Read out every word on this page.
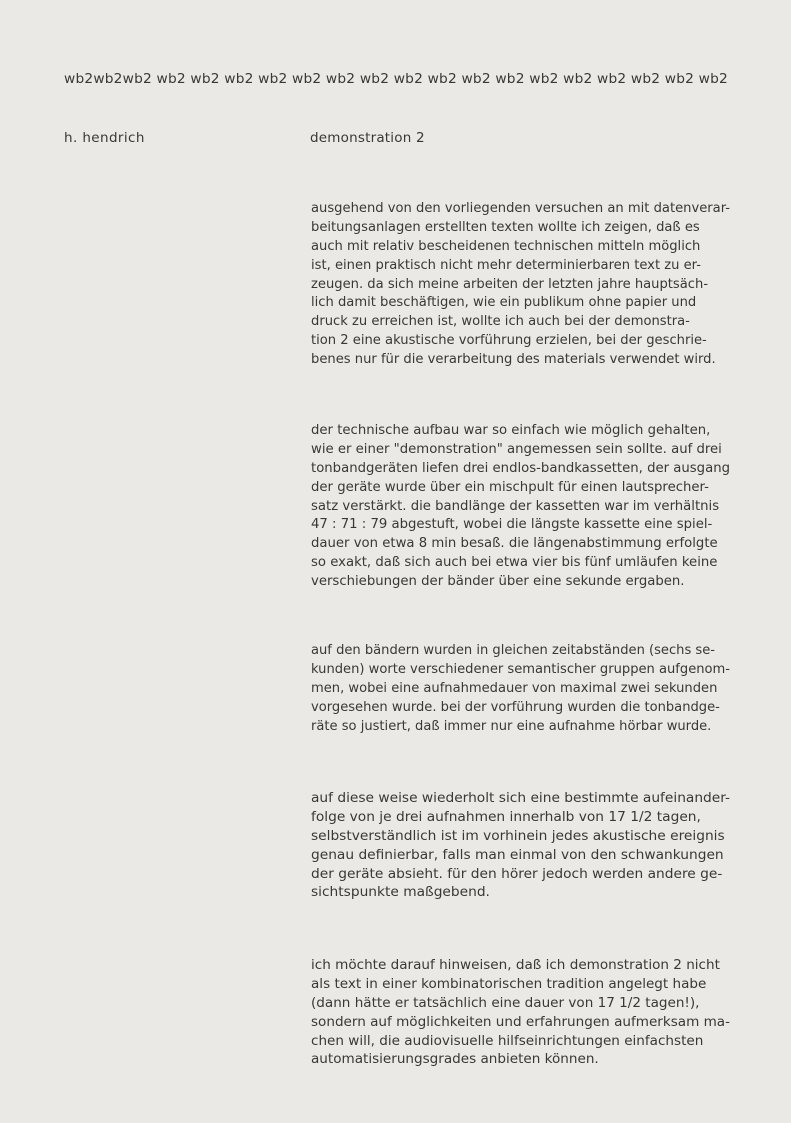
wb2wb2wb2 wb2 wb2 wb2 wb2 wb2 wb2 wb2 wb2 wb2 wb2 wb2 wb2 wb2 wb2 wb2 wb2 wb2
h. hendrich	demonstration 2
ausgehend von den vorliegenden versuchen an mit datenverar-
beitungsanlagen erstellten texten wollte ich zeigen, daß es
auch mit relativ bescheidenen technischen mitteln möglich
ist, einen praktisch nicht mehr determinierbaren text zu er-
zeugen. da sich meine arbeiten der letzten jahre hauptsäch-
lich damit beschäftigen, wie ein publikum ohne papier und
druck zu erreichen ist, wollte ich auch bei der demonstra-
tion 2 eine akustische vorführung erzielen, bei der geschrie-
benes nur für die verarbeitung des materials verwendet wird.
der technische aufbau war so einfach wie möglich gehalten,
wie er einer "demonstration" angemessen sein sollte. auf drei
tonbandgeräten liefen drei endlos-bandkassetten, der ausgang
der geräte wurde über ein mischpult für einen lautsprecher-
satz verstärkt. die bandlänge der kassetten war im verhältnis
47 : 71 : 79 abgestuft, wobei die längste kassette eine spiel-
dauer von etwa 8 min besaß. die längenabstimmung erfolgte
so exakt, daß sich auch bei etwa vier bis fünf umläufen keine
verschiebungen der bänder über eine sekunde ergaben.
auf den bändern wurden in gleichen zeitabständen (sechs se-
kunden) worte verschiedener semantischer gruppen aufgenom-
men, wobei eine aufnahmedauer von maximal zwei sekunden
vorgesehen wurde. bei der vorführung wurden die tonbandge-
räte so justiert, daß immer nur eine aufnahme hörbar wurde.
auf diese weise wiederholt sich eine bestimmte aufeinander-
folge von je drei aufnahmen innerhalb von 17 1/2 tagen,
selbstverständlich ist im vorhinein jedes akustische ereignis
genau definierbar, falls man einmal von den schwankungen
der geräte absieht. für den hörer jedoch werden andere ge-
sichtspunkte maßgebend.
ich möchte darauf hinweisen, daß ich demonstration 2 nicht
als text in einer kombinatorischen tradition angelegt habe
(dann hätte er tatsächlich eine dauer von 17 1/2 tagen!),
sondern auf möglichkeiten und erfahrungen aufmerksam ma-
chen will, die audiovisuelle hilfseinrichtungen einfachsten
automatisierungsgrades anbieten können.
